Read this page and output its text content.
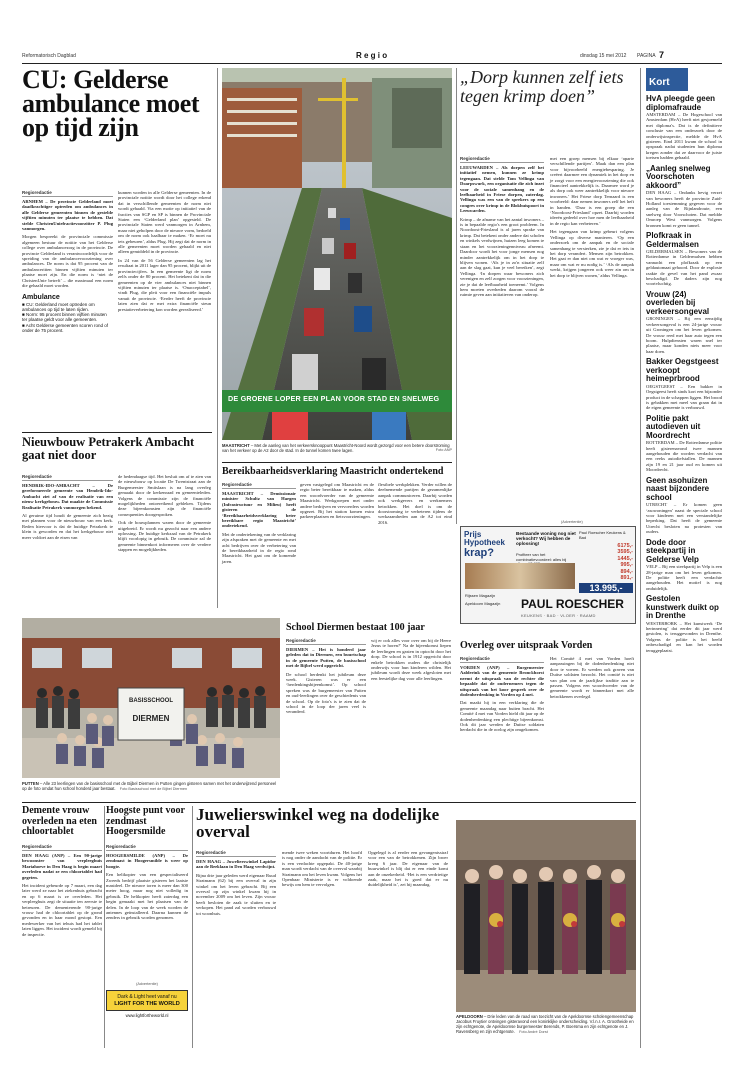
Reformatorisch Dagblad	R e g i o	dinsdag 15 mei 2012 PAGINA 7
CU: Gelderse ambulance moet op tijd zijn
Regioredactie
ARNHEM – De provincie Gelderland moet daadkrachtiger optreden om ambulances in alle Gelderse gemeenten binnen de gestelde vijftien minuten ter plaatse te hebben. Dat stelde ChristenUniefractievoorzitter P. Plug vanmorgen.
Morgen bespreekt de provinciale commissie algemeen bestuur de notitie van het Gelderse college over ambulancezorg in de provincie. De provincie Gelderland is verantwoordelijk voor de spreiding van de ambulancevoorziening over ambulances. De norm is dat 95 procent van de ambulanceritten binnen vijftien minuten ter plaatse moet zijn. En die norm is ‘niet de ChristenUnie betreft’ – die maximaal een norm die gehaald moet worden.
Ambulance
■ CU: Gelderland moet optreden om ambulances op tijd te laten rijden.
■ Norm: 95 procent binnen vijftien minuten ter plaatse geldt voor alle gemeenten.
■ Acht Gelderse gemeenten scoren rond of onder de 75 procent.
kunnen worden in alle Gelderse gemeenten. In de provinciale notitie wordt door het college erkend dat in verschillende gemeenten de norm niet wordt gehaald. Via een motie op initiatief van de fracties van SGP en SP is binnen de Provinciale Staten een ‘Gelderland plan’ opgesteld. De provinciale Staten werd vanmorgen in Arnhem, maar niet geholpen door de nieuwe vorm, bedoeld om de norm ook haalbaar te maken. ‘Er moet nu iets gebeuren’, aldus Plug. Hij zegt dat de norm in alle gemeenten moet worden gehaald en niet alleen gemiddeld in de provincie.
In 24 van de 56 Gelderse gemeenten lag het resultaat in 2011 lager dan 95 procent, blijkt uit de provinciecijfers. In een gemeente ligt de norm zelfs onder de 80 procent. Het betekent dat in die gemeenten op de vier ambulances niet binnen vijftien minuten ter plaatse is. ‘Onacceptabel’, vindt Plug, die pleit voor een financiële impuls vanuit de provincie. ‘Eerder heeft de provincie laten zien dat er met extra financiële steun prestatieverbetering kon worden gerealiseerd.’
Nieuwbouw Petrakerk Ambacht gaat niet door
Regioredactie
HENDRIK-IDO-AMBACHT – De gereformeerde gemeente van Hendrik-Ido-Ambacht ziet af van de realisatie van een nieuw kerkgebouw. Dat maakte de Commissie Realisatie Petrakerk vanmorgen bekend.
Al geruime tijd houdt de gemeente zich bezig met plannen voor de nieuwbouw van een kerk. Reden hiervoor is dat de huidige Petrakerk te klein is geworden en dat het kerkgebouw niet meer voldoet aan de eisen van
de hedendaagse tijd. Het besluit om af te zien van de nieuwbouw op locatie De Twentstraat aan de Burgemeester Smitslaan is na lang overleg gemaakt door de kerkenraad en gemeenteleden. Volgens de commissie zijn de financiële mogelijkheden ontoereikend gebleken. Tijdens deze bijeenkomsten zijn de financiële consequenties doorgesproken.
Ook de bouwplannen waren door de gemeente uitgebreid. Er wordt nu gezocht naar een andere oplossing. De huidige kerkzaal van de Petrakerk blijft voorlopig in gebruik. De commissie zal de gemeente binnenkort informeren over de verdere stappen en mogelijkheden.
DE GROENE LOPER EEN PLAN VOOR STAD EN SNELWEG
MAASTRICHT – Met de aanleg van het verkeersknooppunt Maastricht-Noord wordt gezorgd voor een betere doorstroming van het verkeer op de A2 door de stad. In de tunnel komen twee lagen.	Foto ANP
„Dorp kunnen zelf iets tegen krimp doen”
Regioredactie
LEEUWARDEN – Als dorpen zelf het initiatief nemen, kunnen ze krimp tegengaan. Dat stelde Tom Vellinga van Doarpswurk, een organisatie die zich inzet voor de sociale samenhang en de leefbaarheid in Friese dorpen, zaterdag. Vellinga was een van de sprekers op een congres over krimp in de Blokhuispoort in Leeuwarden.
Krimp – de afname van het aantal inwoners – is in bepaalde regio's een groot probleem. In Noordoost-Friesland is al jaren sprake van krimp. Dat betekent onder andere dat scholen en winkels verdwijnen, huizen leeg komen te staan en het voorzieningenniveau afneemt. Daardoor wordt het voor jonge mensen nog minder aantrekkelijk om in het dorp te blijven wonen. ‘Als je in zo'n situatie zelf aan de slag gaat, kun je veel bereiken’, zegt Vellinga. ‘In dorpen waar bewoners zich verenigen en zelf zorgen voor voorzieningen, zie je dat de leefbaarheid toeneemt.’ Volgens hem moeten overheden daarom vooral de ruimte geven aan initiatieven van onderop.
met een groep mensen bij elkaar ‘aparte verschillende partijen’. Maak dan een plan voor bijvoorbeeld energiebesparing. Je creëert daarmee een dynamiek in het dorp en je zorgt voor een energievoorziening die ook financieel aantrekkelijk is. Daarmee word je als dorp ook weer aantrekkelijk voor nieuwe inwoners.’ Het Friese dorp Ternaard is een voorbeeld: daar nemen inwoners zelf het heft in handen. ‘Daar is een groep die een ‘Noordoost-Friesland’ opzet. Daarbij worden ideeën gedeeld over hoe men de leefbaarheid in de regio kan verbeteren.’
Het tegengaan van krimp gebeurt volgens Vellinga op diverse manieren. ‘Op een onderzoek om de aanpak en de sociale samenhang te versterken, zie je dat er iets in het dorp verandert. Mensen zijn betrokken. Het gaat er dan niet om wat er vroeger was, maar om wat er nu nodig is.’ ‘Als de aanpak werkt, krijgen jongeren ook weer zin om in het dorp te blijven wonen,’ aldus Vellinga.
Kort
HvA pleegde geen diplomafraude
AMSTERDAM – De Hogeschool van Amsterdam (HvA) heeft niet gesjoemeld met diploma's. Dat is de definitieve conclusie van een onderzoek door de onderwijsinspectie, meldde de HvA gisteren. Eind 2011 kwam de school in opspraak nadat studenten hun diploma kregen zonder dat ze daarvoor de juiste toetsen hadden gehaald.
„Aanleg snelweg Voorschoten akkoord”
DEN HAAG – Ondanks hevig verzet van bewoners heeft de provincie Zuid-Holland toestemming gegeven voor de aanleg van de Rijnlandroute, een snelweg door Voorschoten. Dat meldde Omroep West vanmorgen. Volgens bronnen komt er geen tunnel.
Plofkraak in Geldermalsen
GELDERMALSEN – Bewoners van de Rotterdamse in Geldermalsen hebben vannacht een plofkraak op een geldautomaat gehoord. Door de explosie raakte de gevel van het pand zwaar beschadigd. De daders zijn nog voortvluchtig.
Vrouw (24) overleden bij verkeersongeval
GRONINGEN – Bij een eenzijdig verkeersongeval is een 24-jarige vrouw uit Groningen om het leven gekomen. De vrouw reed met haar auto tegen een boom. Hulpdiensten waren snel ter plaatse, maar konden niets meer voor haar doen.
Bakker Oegstgeest verkoopt heimeprbrood
OEGSTGEEST – Een bakker in Oegstgeest heeft sinds kort een bijzonder product in de schappen liggen. Het brood is gebakken met meel van graan dat in de eigen gemeente is verbouwd.
Politie pakt autodieven uit Moordrecht
ROTTERDAM – De Rotterdamse politie heeft gisterenavond twee mannen aangehouden die worden verdacht van een reeks autodiefstallen. De mannen zijn 19 en 21 jaar oud en komen uit Moordrecht.
Geen asohuizen naast bijzondere school
UTRECHT – Er komen geen ‘asowoningen’ naast de speciale school voor kinderen met een verstandelijke beperking. Dat heeft de gemeente Utrecht besloten na protesten van ouders.
Dode door steekpartij in Gelderse Velp
VELP – Bij een steekpartij in Velp is een 28-jarige man om het leven gekomen. De politie heeft een verdachte aangehouden. Het motief is nog onduidelijk.
Gestolen kunstwerk duikt op in Drenthe
WESTERBORK – Het kunstwerk ‘De herinnering’ dat eerder dit jaar werd gestolen, is teruggevonden in Drenthe. Volgens de politie is het beeld onbeschadigd en kan het worden teruggeplaatst.
Bereikbaarheidsverklaring Maastricht ondertekend
Regioredactie
MAASTRICHT – Demissionair minister Schultz van Haegen (Infrastructuur en Milieu) heeft gisteren de ‘Bereikbaarheidsverklaring beter bereikbare regio Maastricht’ ondertekend.
Met de ondertekening van de verklaring zijn afspraken met de gemeente en met acht bedrijven over de verbetering van de bereikbaarheid in de regio rond Maastricht. Het gaat om de komende jaren.
geven vastgelegd om Maastricht en de regio beter bereikbaar te maken, aldus een woordvoerder van de gemeente Maastricht. Werkgroepen met onder andere bedrijven en vervoerders worden opgezet. Bij het station komen extra parkeerplaatsen en fietsvoorzieningen.
flexibele werkplekken. Verder willen de deelnemende partijen de gezamenlijke aanpak communiceren. Daarbij worden ook werkgevers en werknemers betrokken. Het doel is om de doorstroming te verbeteren tijdens de werkzaamheden aan de A2 tot eind 2016.	(Advertentie)
Prijs Hypotheek
krap?
Bestaande woning nog niet verkocht? Wij hebben de oplossing!
Profiteer van het combinatievoordeel: alles bij
Paul Roescher Keukens & Bad
6175,-
3595,-
1445,-
995,-
894,-
891,-
13.995,-
Rijssen Magazijn
Apeldoorn Magazijn PAUL ROESCHER
KEUKENS · BAD · VLOER · RAAMD
BASISSCHOOL
DIERMEN
PUTTEN – Alle 23 leerlingen van de basisschool met de Bijbel Diermen in Putten gingen gisteren samen met het onderwijzend personeel op de foto omdat hun school honderd jaar bestaat. Foto Basisschool met de Bijbel Diermen
School Diermen bestaat 100 jaar
Regioredactie
DIERMEN – Het is honderd jaar geleden dat in Diermen, een buurtschap in de gemeente Putten, de basisschool met de Bijbel werd opgericht.
De school herdenkt het jubileum deze week. Gisteren was er een ‘herdenkingsbijeenkomst’. Op school spreken was de burgemeester van Putten en oud-leerlingen over de geschiedenis van de school. Op de foto's is te zien dat de school in de loop der jaren veel is veranderd.
wij er ook alles voor over om bij de Heere Jezus te horen?’ Na de bijeenkomst liepen de leerlingen en gasten in optocht door het dorp. De school is in 1912 opgericht door enkele betrokken ouders die christelijk onderwijs voor hun kinderen wilden. Het jubileum wordt deze week afgesloten met een feestelijke dag voor alle leerlingen.
Overleg over uitspraak Vorden
Regioredactie
VORDEN (ANP) – Burgemeester Aalderink van de gemeente Bronckhorst neemt de uitspraak van de rechter die bepaalde dat de ondernemers tegen de uitspraak van het koor gesprek over de dodenherdenking in Vorden op 4 mei.
Dat maakt hij in een verklaring die de gemeente maandag naar buiten bracht. Het Comité 4 mei van Vorden hield dit jaar op de dodenherdenking een plechtige bijeenkomst. Ook dit jaar werden de Duitse soldaten herdacht die in de oorlog zijn omgekomen.
Het Comité 4 mei van Vorden hoeft aanpassingen bij de dodenherdenking niet door te voeren. Er werden ook graven van Duitse soldaten bezocht. Het comité is niet van plan om de jaarlijkse traditie aan te passen. Volgens een woordvoerder van de gemeente wordt er binnenkort met alle betrokkenen overlegd.
Demente vrouw overleden na eten chloortablet
Regioredactie
DEN HAAG (ANP) – Een 90-jarige bewoonster van verpleeghuis Mariahoeve in Den Haag is begin maart overleden nadat ze een chloortablet had gegeten.
Het incident gebeurde op 7 maart, een dag later werd ze naar het ziekenhuis gebracht en op 6 maart is ze overleden. Het verpleeghuis zegt de situatie ten zeerste te betreuren. De dementerende 90-jarige vrouw had de chloortablet op de grond gevonden en in haar mond gestopt. Een medewerker van het tehuis had het tablet laten liggen. Het incident wordt gemeld bij de inspectie.
Hoogste punt voor zendmast Hoogersmilde
Regioredactie
HOOGERSMILDE (ANP) – De zendmast in Hoogersmilde is weer op hoogte.
Een helikopter van een gespecialiseerd Zweeds bedrijf plaatste gisteren het laatste mastdeel. De nieuwe toren is meer dan 300 meter hoog, maar nog niet volledig in gebruik. De helikopter heeft zaterdag een begin gemaakt met het plaatsen van de delen. In de loop van de week worden de antennes geïnstalleerd. Daarna kunnen de zenders in gebruik worden genomen.
(Advertentie)
Dark & Light heet vanaf nu
LIGHT FOR THE WORLD
www.lightfortheworld.nl
Juwelierswinkel weg na dodelijke overval
Regioredactie
DEN HAAG – Juwelierswinkel Lapidor aan de Beeklaan in Den Haag verdwijnt.
Bijna drie jaar geleden werd eigenaar Ruud Stratmann (62) bij een overval in zijn winkel om het leven gebracht. Bij een overval op zijn winkel kwam hij in november 2009 om het leven. Zijn vrouw heeft besloten de zaak te sluiten en te verkopen. Het pand zal worden verbouwd tot woonhuis.
mende twee weken voortduren. Het hoofd is nog onder de aandacht van de politie. Er is een verdachte opgepakt. De 40-jarige man wordt verdacht van de overval waarbij Stratmann om het leven kwam. Volgens het Openbaar Ministerie is er voldoende bewijs om hem te vervolgen.
Opgelegd is al eerder een gevangenisstraf voor een van de betrokkenen. Zijn broer kreeg 6 jaar. De eigenaar van de buurwinkel is blij dat er een einde komt aan de onzekerheid. ‘Het is een verdrietige zaak, maar het is goed dat er nu duidelijkheid is’, zei hij maandag.
APELDOORN – Drie leden van de raad van toezicht van de Apeldoornse scholengemeenschap Jacobus Fruytier ontvingen gisteravond een koninklijke onderscheiding. V.l.n.r. A. Grootheide en zijn echtgenote, de Apeldoornse burgemeester Berends, P. Boersma en zijn echtgenote en J. Ravensberg en zijn echtgenote. Foto André Dorst
